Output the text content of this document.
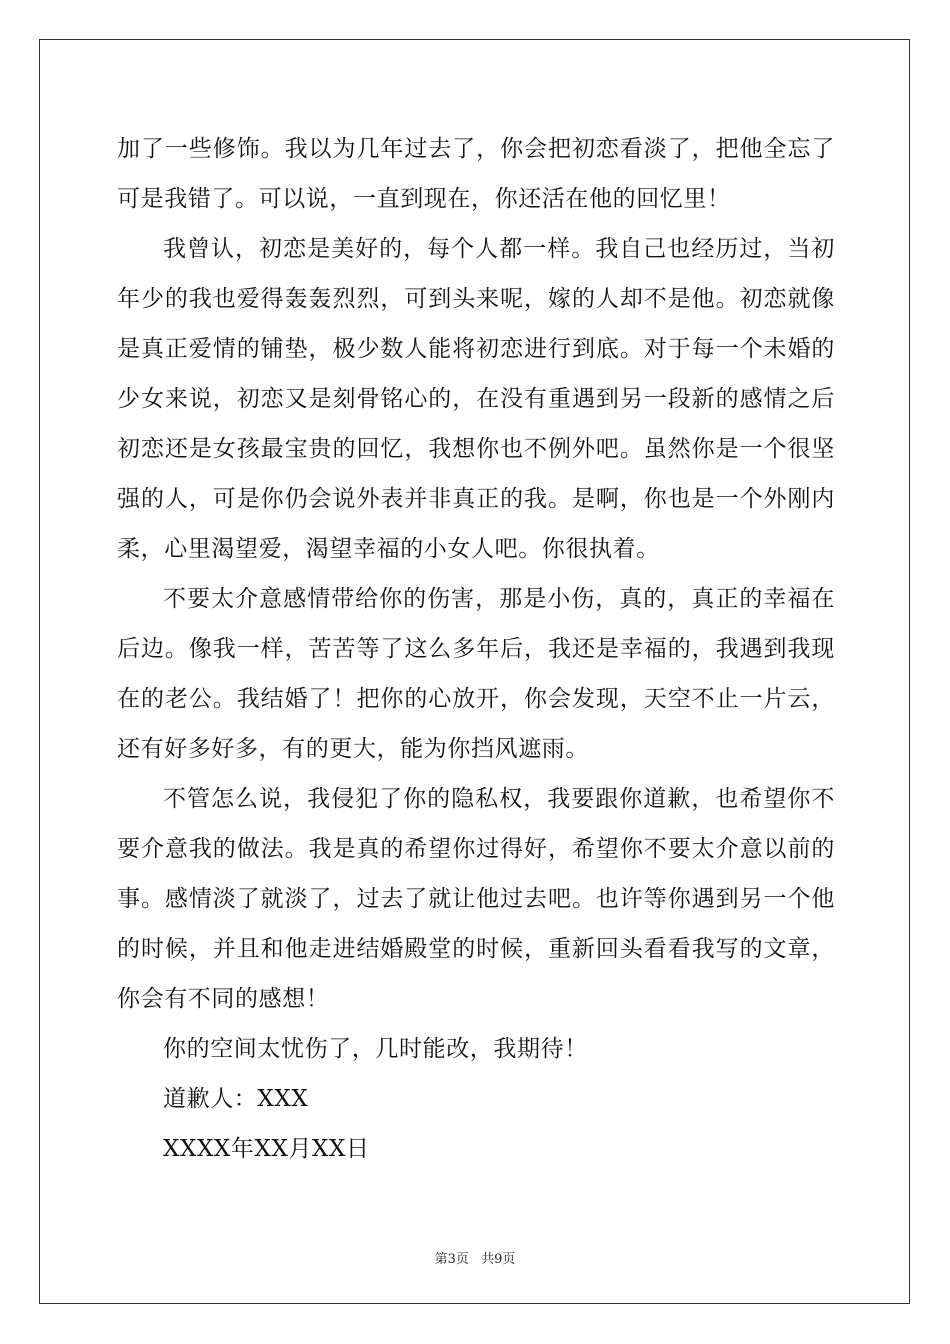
加了一些修饰。我以为几年过去了，你会把初恋看淡了，把他全忘了可是我错了。可以说，一直到现在，你还活在他的回忆里！

我曾认，初恋是美好的，每个人都一样。我自己也经历过，当初年少的我也爱得轰轰烈烈，可到头来呢，嫁的人却不是他。初恋就像是真正爱情的铺垫，极少数人能将初恋进行到底。对于每一个未婚的少女来说，初恋又是刻骨铭心的，在没有重遇到另一段新的感情之后初恋还是女孩最宝贵的回忆，我想你也不例外吧。虽然你是一个很坚强的人，可是你仍会说外表并非真正的我。是啊，你也是一个外刚内柔，心里渴望爱，渴望幸福的小女人吧。你很执着。

不要太介意感情带给你的伤害，那是小伤，真的，真正的幸福在后边。像我一样，苦苦等了这么多年后，我还是幸福的，我遇到我现在的老公。我结婚了！把你的心放开，你会发现，天空不止一片云，还有好多好多，有的更大，能为你挡风遮雨。

不管怎么说，我侵犯了你的隐私权，我要跟你道歉，也希望你不要介意我的做法。我是真的希望你过得好，希望你不要太介意以前的事。感情淡了就淡了，过去了就让他过去吧。也许等你遇到另一个他的时候，并且和他走进结婚殿堂的时候，重新回头看看我写的文章，你会有不同的感想！

你的空间太忧伤了，几时能改，我期待！

道歉人：XXX

XXXX年XX月XX日

第3页 共9页
